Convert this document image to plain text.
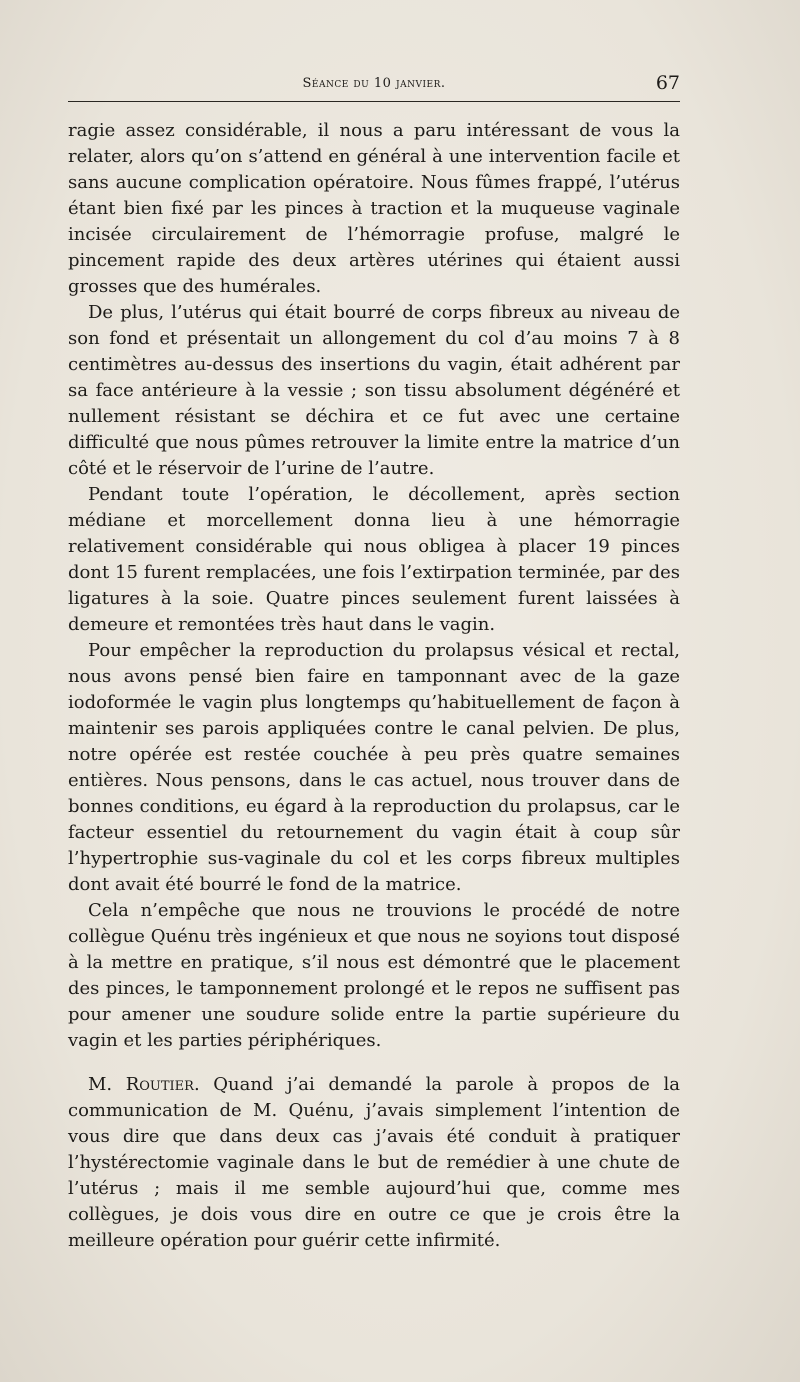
Séance du 10 janvier.	67

ragie assez considérable, il nous a paru intéressant de vous la relater, alors qu’on s’attend en général à une intervention facile et sans aucune complication opératoire. Nous fûmes frappé, l’utérus étant bien fixé par les pinces à traction et la muqueuse vaginale incisée circulairement de l’hémorragie profuse, malgré le pincement rapide des deux artères utérines qui étaient aussi grosses que des humérales.

De plus, l’utérus qui était bourré de corps fibreux au niveau de son fond et présentait un allongement du col d’au moins 7 à 8 centimètres au-dessus des insertions du vagin, était adhérent par sa face antérieure à la vessie ; son tissu absolument dégénéré et nullement résistant se déchira et ce fut avec une certaine difficulté que nous pûmes retrouver la limite entre la matrice d’un côté et le réservoir de l’urine de l’autre.

Pendant toute l’opération, le décollement, après section médiane et morcellement donna lieu à une hémorragie relativement considérable qui nous obligea à placer 19 pinces dont 15 furent remplacées, une fois l’extirpation terminée, par des ligatures à la soie. Quatre pinces seulement furent laissées à demeure et remontées très haut dans le vagin.

Pour empêcher la reproduction du prolapsus vésical et rectal, nous avons pensé bien faire en tamponnant avec de la gaze iodoformée le vagin plus longtemps qu’habituellement de façon à maintenir ses parois appliquées contre le canal pelvien. De plus, notre opérée est restée couchée à peu près quatre semaines entières. Nous pensons, dans le cas actuel, nous trouver dans de bonnes conditions, eu égard à la reproduction du prolapsus, car le facteur essentiel du retournement du vagin était à coup sûr l’hypertrophie sus-vaginale du col et les corps fibreux multiples dont avait été bourré le fond de la matrice.

Cela n’empêche que nous ne trouvions le procédé de notre collègue Quénu très ingénieux et que nous ne soyions tout disposé à la mettre en pratique, s’il nous est démontré que le placement des pinces, le tamponnement prolongé et le repos ne suffisent pas pour amener une soudure solide entre la partie supérieure du vagin et les parties périphériques.

M. Routier. Quand j’ai demandé la parole à propos de la communication de M. Quénu, j’avais simplement l’intention de vous dire que dans deux cas j’avais été conduit à pratiquer l’hystérectomie vaginale dans le but de remédier à une chute de l’utérus ; mais il me semble aujourd’hui que, comme mes collègues, je dois vous dire en outre ce que je crois être la meilleure opération pour guérir cette infirmité.
